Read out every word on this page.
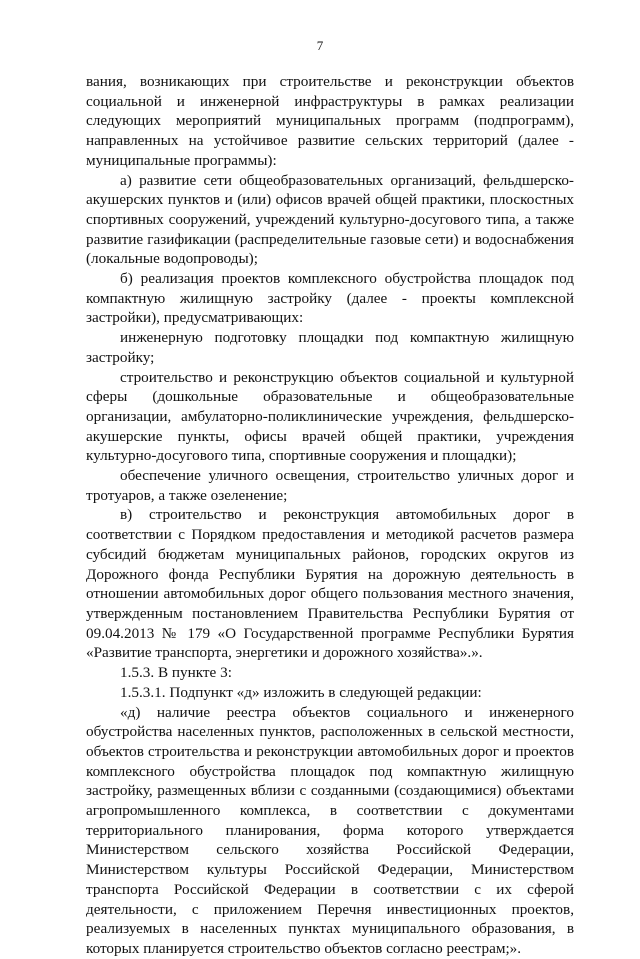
7

вания, возникающих при строительстве и реконструкции объектов социальной и инженерной инфраструктуры в рамках реализации следующих мероприятий муниципальных программ (подпрограмм), направленных на устойчивое развитие сельских территорий (далее - муниципальные программы):

а) развитие сети общеобразовательных организаций, фельдшерско-акушерских пунктов и (или) офисов врачей общей практики, плоскостных спортивных сооружений, учреждений культурно-досугового типа, а также развитие газификации (распределительные газовые сети) и водоснабжения (локальные водопроводы);

б) реализация проектов комплексного обустройства площадок под компактную жилищную застройку (далее - проекты комплексной застройки), предусматривающих:

инженерную подготовку площадки под компактную жилищную застройку;

строительство и реконструкцию объектов социальной и культурной сферы (дошкольные образовательные и общеобразовательные организации, амбулаторно-поликлинические учреждения, фельдшерско-акушерские пункты, офисы врачей общей практики, учреждения культурно-досугового типа, спортивные сооружения и площадки);

обеспечение уличного освещения, строительство уличных дорог и тротуаров, а также озеленение;

в) строительство и реконструкция автомобильных дорог в соответствии с Порядком предоставления и методикой расчетов размера субсидий бюджетам муниципальных районов, городских округов из Дорожного фонда Республики Бурятия на дорожную деятельность в отношении автомобильных дорог общего пользования местного значения, утвержденным постановлением Правительства Республики Бурятия от 09.04.2013 № 179 «О Государственной программе Республики Бурятия «Развитие транспорта, энергетики и дорожного хозяйства».».

1.5.3. В пункте 3:

1.5.3.1. Подпункт «д» изложить в следующей редакции:

«д) наличие реестра объектов социального и инженерного обустройства населенных пунктов, расположенных в сельской местности, объектов строительства и реконструкции автомобильных дорог и проектов комплексного обустройства площадок под компактную жилищную застройку, размещенных вблизи с созданными (создающимися) объектами агропромышленного комплекса, в соответствии с документами территориального планирования, форма которого утверждается Министерством сельского хозяйства Российской Федерации, Министерством культуры Российской Федерации, Министерством транспорта Российской Федерации в соответствии с их сферой деятельности, с приложением Перечня инвестиционных проектов, реализуемых в населенных пунктах муниципального образования, в которых планируется строительство объектов согласно реестрам;».
